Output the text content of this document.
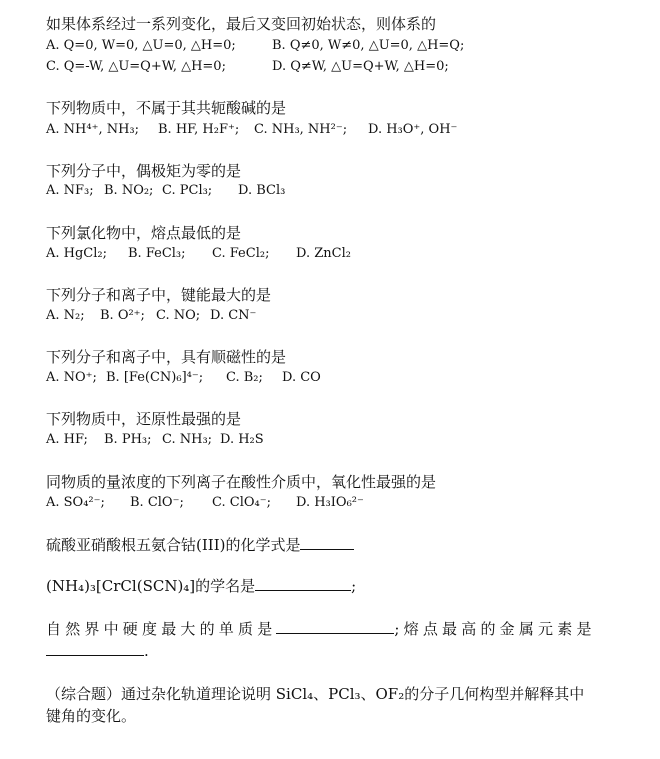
如果体系经过一系列变化，最后又变回初始状态，则体系的
A. Q=0, W=0, △U=0, △H=0;	B. Q≠0, W≠0, △U=0, △H=Q;
C. Q=-W, △U=Q+W, △H=0;	D. Q≠W, △U=Q+W, △H=0;
下列物质中，不属于其共轭酸碱的是
A. NH⁴⁺, NH₃; B. HF, H₂F⁺; C. NH₃, NH²⁻; D. H₃O⁺, OH⁻
下列分子中，偶极矩为零的是
A. NF₃; B. NO₂; C. PCl₃; D. BCl₃
下列氯化物中，熔点最低的是
A. HgCl₂; B. FeCl₃; C. FeCl₂; D. ZnCl₂
下列分子和离子中，键能最大的是
A. N₂; B. O²⁺; C. NO; D. CN⁻
下列分子和离子中，具有顺磁性的是
A. NO⁺; B. [Fe(CN)₆]⁴⁻; C. B₂; D. CO
下列物质中，还原性最强的是
A. HF; B. PH₃; C. NH₃; D. H₂S
同物质的量浓度的下列离子在酸性介质中，氧化性最强的是
A. SO₄²⁻; B. ClO⁻; C. ClO₄⁻; D. H₃IO₆²⁻
硫酸亚硝酸根五氨合钴(III)的化学式是
(NH₄)₃[CrCl(SCN)₄]的学名是	;
自然界中硬度最大的单质是	;熔点最高的金属元素是
.
（综合题）通过杂化轨道理论说明 SiCl₄、PCl₃、OF₂的分子几何构型并解释其中
键角的变化。
